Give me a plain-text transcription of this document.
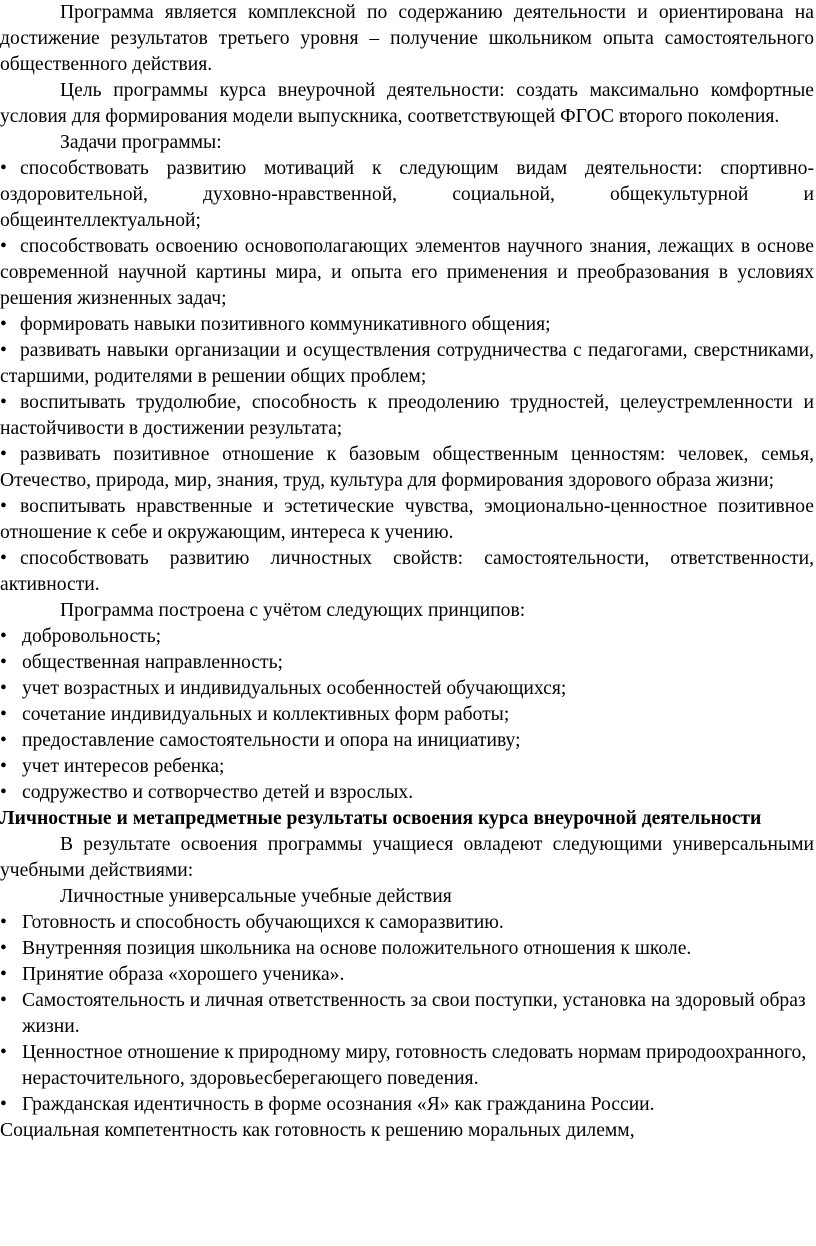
Программа является комплексной по содержанию деятельности и ориентирована на достижение результатов третьего уровня – получение школьником опыта самостоятельного общественного действия.

Цель программы курса внеурочной деятельности: создать максимально комфортные условия для формирования модели выпускника, соответствующей ФГОС второго поколения.

Задачи программы:

• способствовать развитию мотиваций к следующим видам деятельности: спортивно-оздоровительной, духовно-нравственной, социальной, общекультурной и общеинтеллектуальной;
• способствовать освоению основополагающих элементов научного знания, лежащих в основе современной научной картины мира, и опыта его применения и преобразования в условиях решения жизненных задач;
• формировать навыки позитивного коммуникативного общения;
• развивать навыки организации и осуществления сотрудничества с педагогами, сверстниками, старшими, родителями в решении общих проблем;
• воспитывать трудолюбие, способность к преодолению трудностей, целеустремленности и настойчивости в достижении результата;
• развивать позитивное отношение к базовым общественным ценностям: человек, семья, Отечество, природа, мир, знания, труд, культура для формирования здорового образа жизни;
• воспитывать нравственные и эстетические чувства, эмоционально-ценностное позитивное отношение к себе и окружающим, интереса к учению.
• способствовать развитию личностных свойств: самостоятельности, ответственности, активности.

Программа построена с учётом следующих принципов:

• добровольность;
• общественная направленность;
• учет возрастных и индивидуальных особенностей обучающихся;
• сочетание индивидуальных и коллективных форм работы;
• предоставление самостоятельности и опора на инициативу;
• учет интересов ребенка;
• содружество и сотворчество детей и взрослых.

Личностные и метапредметные результаты освоения курса внеурочной деятельности

В результате освоения программы учащиеся овладеют следующими универсальными учебными действиями:

Личностные универсальные учебные действия

• Готовность и способность обучающихся к саморазвитию.
• Внутренняя позиция школьника на основе положительного отношения к школе.
• Принятие образа «хорошего ученика».
• Самостоятельность и личная ответственность за свои поступки, установка на здоровый образ жизни.
• Ценностное отношение к природному миру, готовность следовать нормам природоохранного, нерасточительного, здоровьесберегающего поведения.
• Гражданская идентичность в форме осознания «Я» как гражданина России.

Социальная компетентность как готовность к решению моральных дилемм,
